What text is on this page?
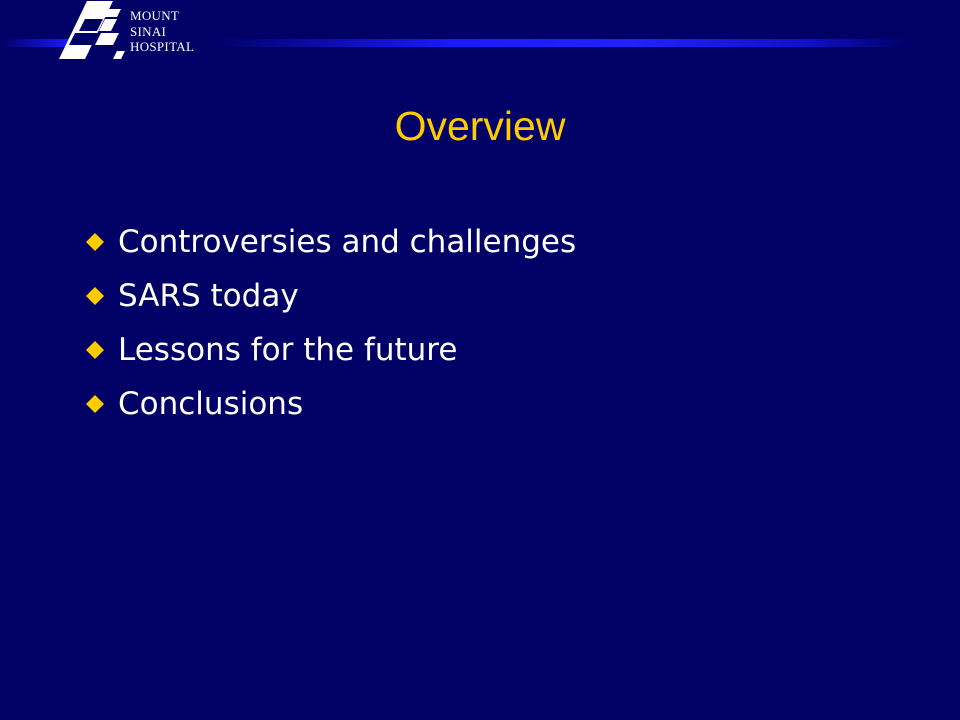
MOUNT
SINAI
HOSPITAL
Overview
Controversies and challenges
SARS today
Lessons for the future
Conclusions
